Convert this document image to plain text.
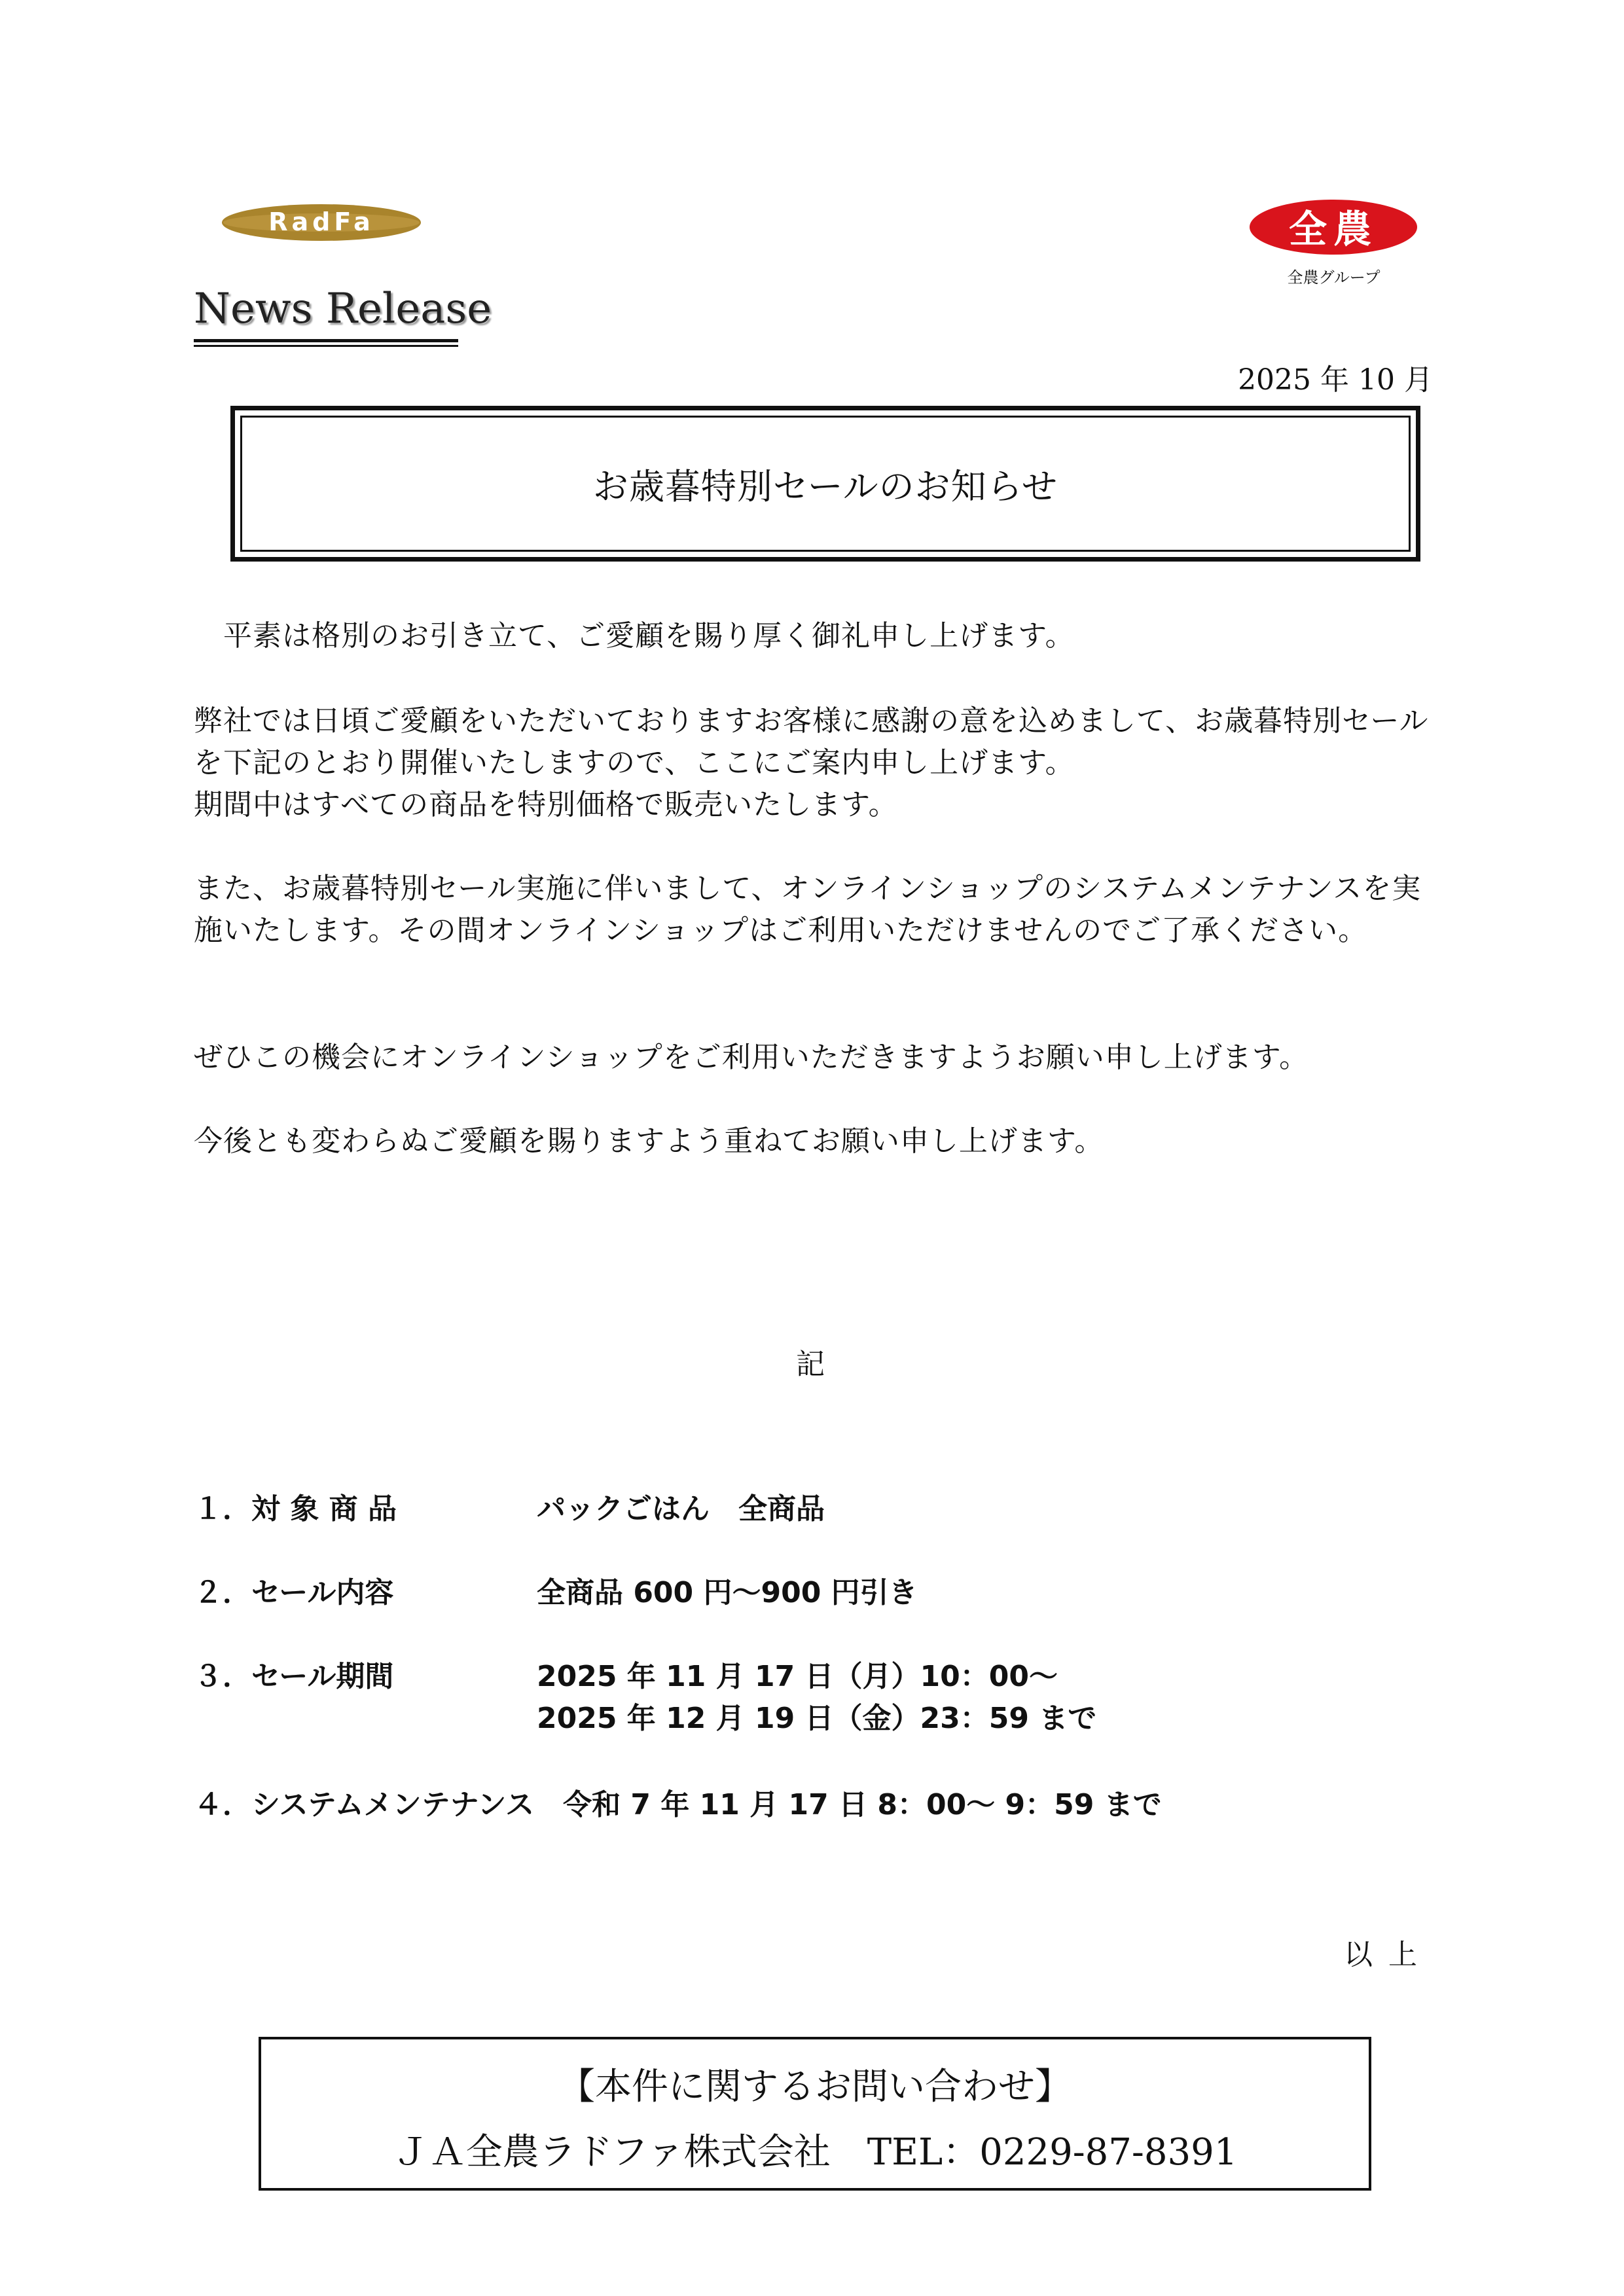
RadFa	全農
全農グループ
News Release
2025 年 10 月
お歳暮特別セールのお知らせ
　平素は格別のお引き立て、ご愛顧を賜り厚く御礼申し上げます。
弊社では日頃ご愛顧をいただいておりますお客様に感謝の意を込めまして、お歳暮特別セールを下記のとおり開催いたしますので、ここにご案内申し上げます。
期間中はすべての商品を特別価格で販売いたします。
また、お歳暮特別セール実施に伴いまして、オンラインショップのシステムメンテナンスを実施いたします。その間オンラインショップはご利用いただけませんのでご了承ください。
ぜひこの機会にオンラインショップをご利用いただきますようお願い申し上げます。
今後とも変わらぬご愛顧を賜りますよう重ねてお願い申し上げます。
記
１．対 象 商 品	パックごはん　全商品
２．セール内容	全商品 600 円～900 円引き
３．セール期間	2025 年 11 月 17 日（月）10：00～
2025 年 12 月 19 日（金）23：59 まで
４．システムメンテナンス　令和 7 年 11 月 17 日 8：00～ 9：59 まで
以上
【本件に関するお問い合わせ】
ＪＡ全農ラドファ株式会社　TEL：0229-87-8391
